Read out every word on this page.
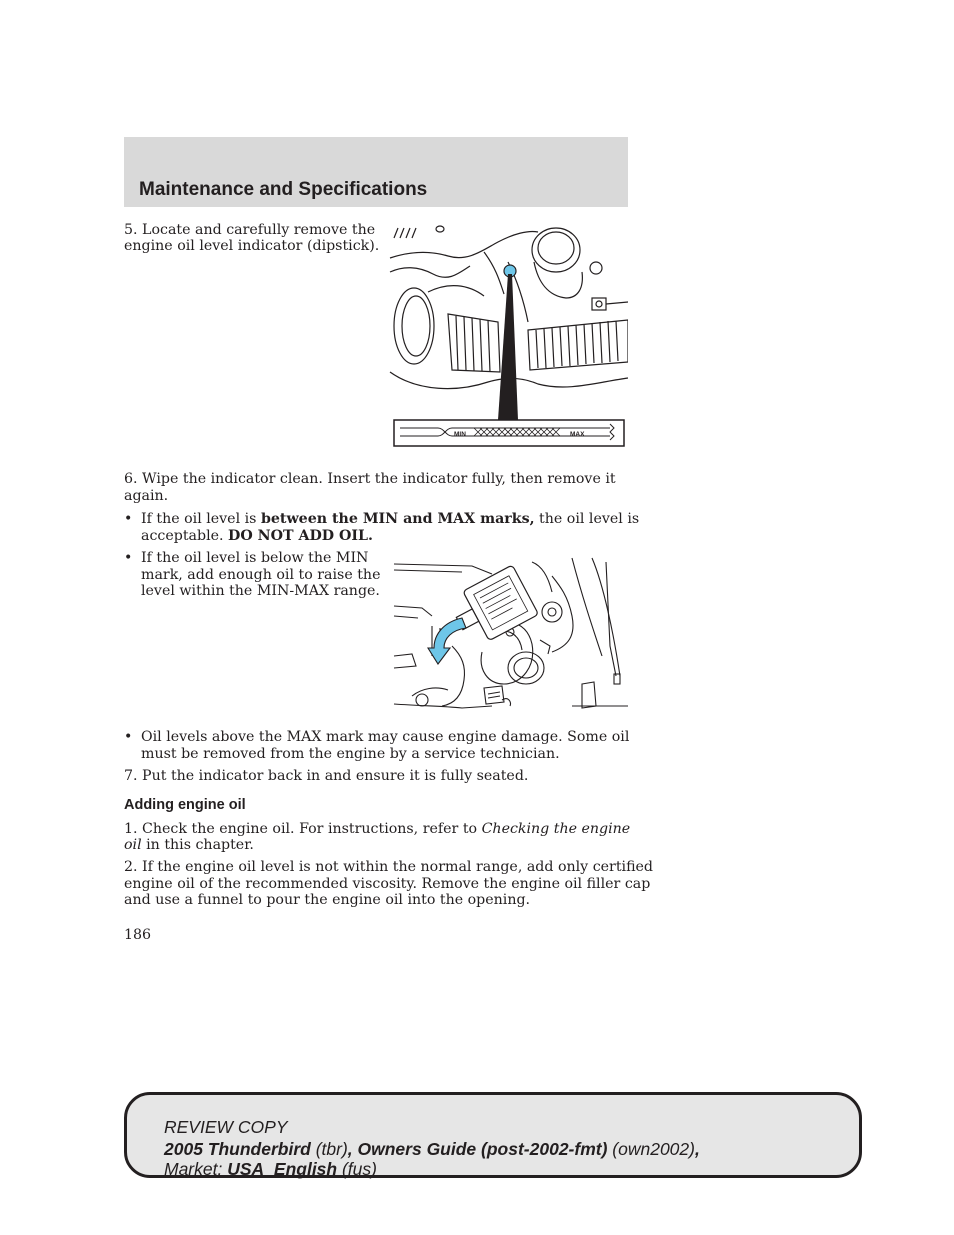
Maintenance and Specifications
5. Locate and carefully remove the
engine oil level indicator (dipstick).
MIN	MAX
6. Wipe the indicator clean. Insert the indicator fully, then remove it
again.
• If the oil level is between the MIN and MAX marks, the oil level is
acceptable. DO NOT ADD OIL.
• If the oil level is below the MIN
mark, add enough oil to raise the
level within the MIN-MAX range.
• Oil levels above the MAX mark may cause engine damage. Some oil
must be removed from the engine by a service technician.
7. Put the indicator back in and ensure it is fully seated.
Adding engine oil
1. Check the engine oil. For instructions, refer to Checking the engine
oil in this chapter.
2. If the engine oil level is not within the normal range, add only certified
engine oil of the recommended viscosity. Remove the engine oil filler cap
and use a funnel to pour the engine oil into the opening.
186
REVIEW COPY
2005 Thunderbird (tbr), Owners Guide (post-2002-fmt) (own2002),
Market: USA_English (fus)
